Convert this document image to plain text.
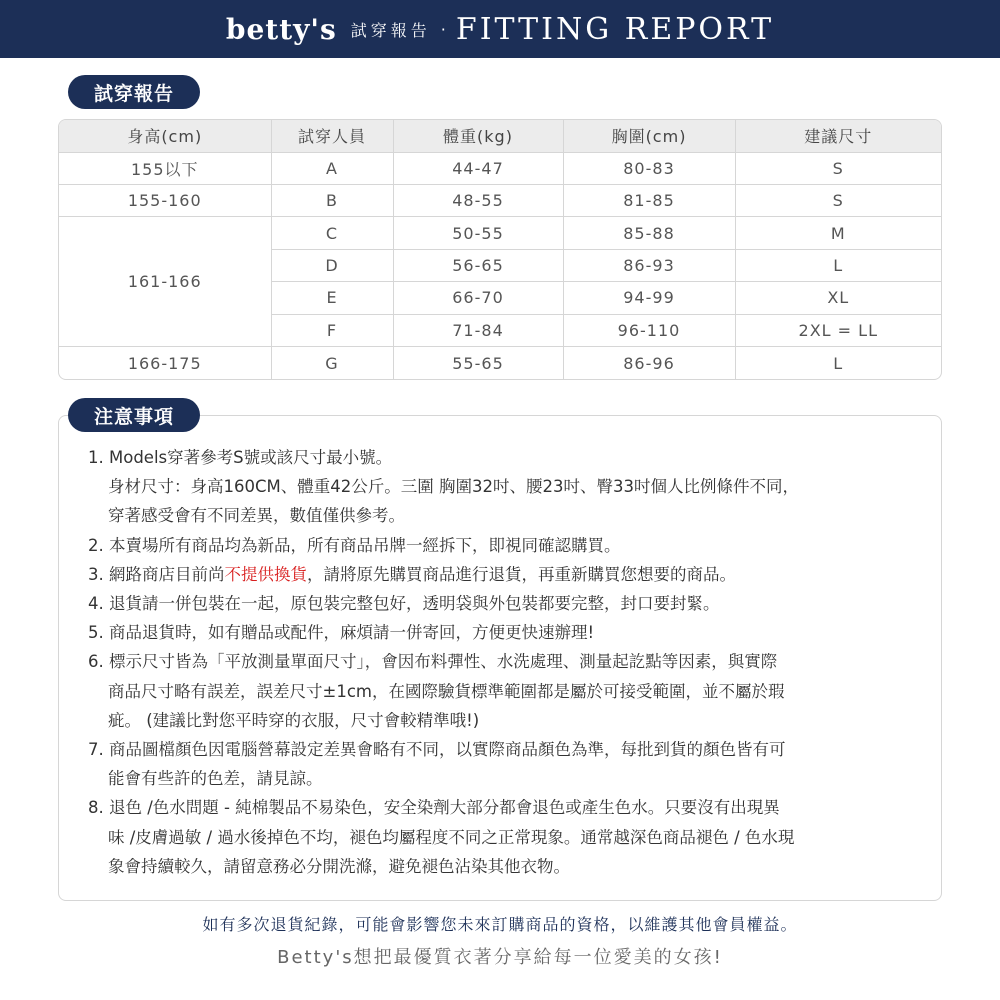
betty's 試穿報告 · FITTING REPORT
試穿報告
身高(cm)	試穿人員	體重(kg)	胸圍(cm)	建議尺寸
155以下	A	44-47	80-83	S
155-160	B	48-55	81-85	S
161-166	C	50-55	85-88	M
	D	56-65	86-93	L
	E	66-70	94-99	XL
	F	71-84	96-110	2XL = LL
166-175	G	55-65	86-96	L
注意事項
1. Models穿著參考S號或該尺寸最小號。
身材尺寸：身高160CM、體重42公斤。三圍 胸圍32吋、腰23吋、臀33吋個人比例條件不同，
穿著感受會有不同差異，數值僅供參考。
2. 本賣場所有商品均為新品，所有商品吊牌一經拆下，即視同確認購買。
3. 網路商店目前尚不提供換貨，請將原先購買商品進行退貨，再重新購買您想要的商品。
4. 退貨請一併包裝在一起，原包裝完整包好，透明袋與外包裝都要完整，封口要封緊。
5. 商品退貨時，如有贈品或配件，麻煩請一併寄回，方便更快速辦理!
6. 標示尺寸皆為「平放測量單面尺寸」，會因布料彈性、水洗處理、測量起訖點等因素，與實際
商品尺寸略有誤差，誤差尺寸±1cm，在國際驗貨標準範圍都是屬於可接受範圍，並不屬於瑕
疵。 (建議比對您平時穿的衣服，尺寸會較精準哦!)
7. 商品圖檔顏色因電腦營幕設定差異會略有不同，以實際商品顏色為準，每批到貨的顏色皆有可
能會有些許的色差，請見諒。
8. 退色 /色水問題 - 純棉製品不易染色，安全染劑大部分都會退色或產生色水。只要沒有出現異
味 /皮膚過敏 / 過水後掉色不均，褪色均屬程度不同之正常現象。通常越深色商品褪色 / 色水現
象會持續較久，請留意務必分開洗滌，避免褪色沾染其他衣物。
如有多次退貨紀錄，可能會影響您未來訂購商品的資格，以維護其他會員權益。
Betty's想把最優質衣著分享給每一位愛美的女孩!
